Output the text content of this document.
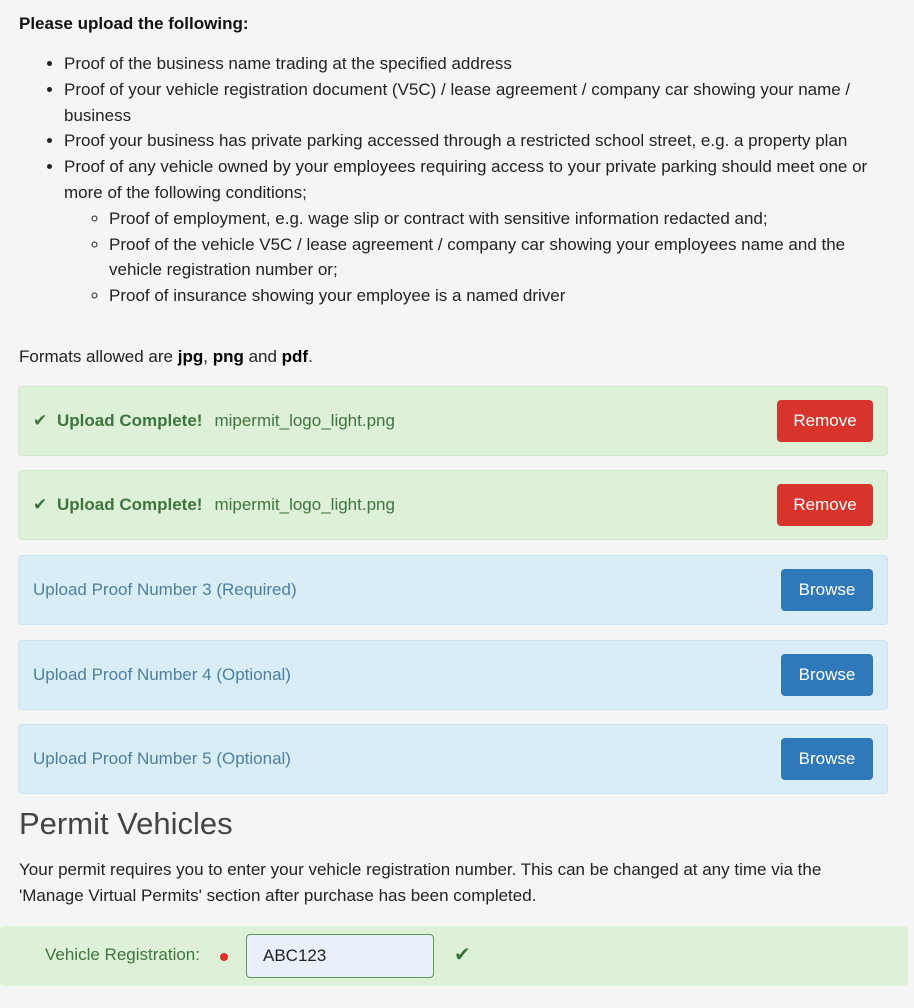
Please upload the following:
• Proof of the business name trading at the specified address
• Proof of your vehicle registration document (V5C) / lease agreement / company car showing your name / business
• Proof your business has private parking accessed through a restricted school street, e.g. a property plan
• Proof of any vehicle owned by your employees requiring access to your private parking should meet one or more of the following conditions;
◦ Proof of employment, e.g. wage slip or contract with sensitive information redacted and;
◦ Proof of the vehicle V5C / lease agreement / company car showing your employees name and the vehicle registration number or;
◦ Proof of insurance showing your employee is a named driver
Formats allowed are jpg, png and pdf.
✔ Upload Complete! mipermit_logo_light.png	Remove
✔ Upload Complete! mipermit_logo_light.png	Remove
Upload Proof Number 3 (Required)	Browse
Upload Proof Number 4 (Optional)	Browse
Upload Proof Number 5 (Optional)	Browse
Permit Vehicles
Your permit requires you to enter your vehicle registration number. This can be changed at any time via the 'Manage Virtual Permits' section after purchase has been completed.
Vehicle Registration:
ABC123	✔
